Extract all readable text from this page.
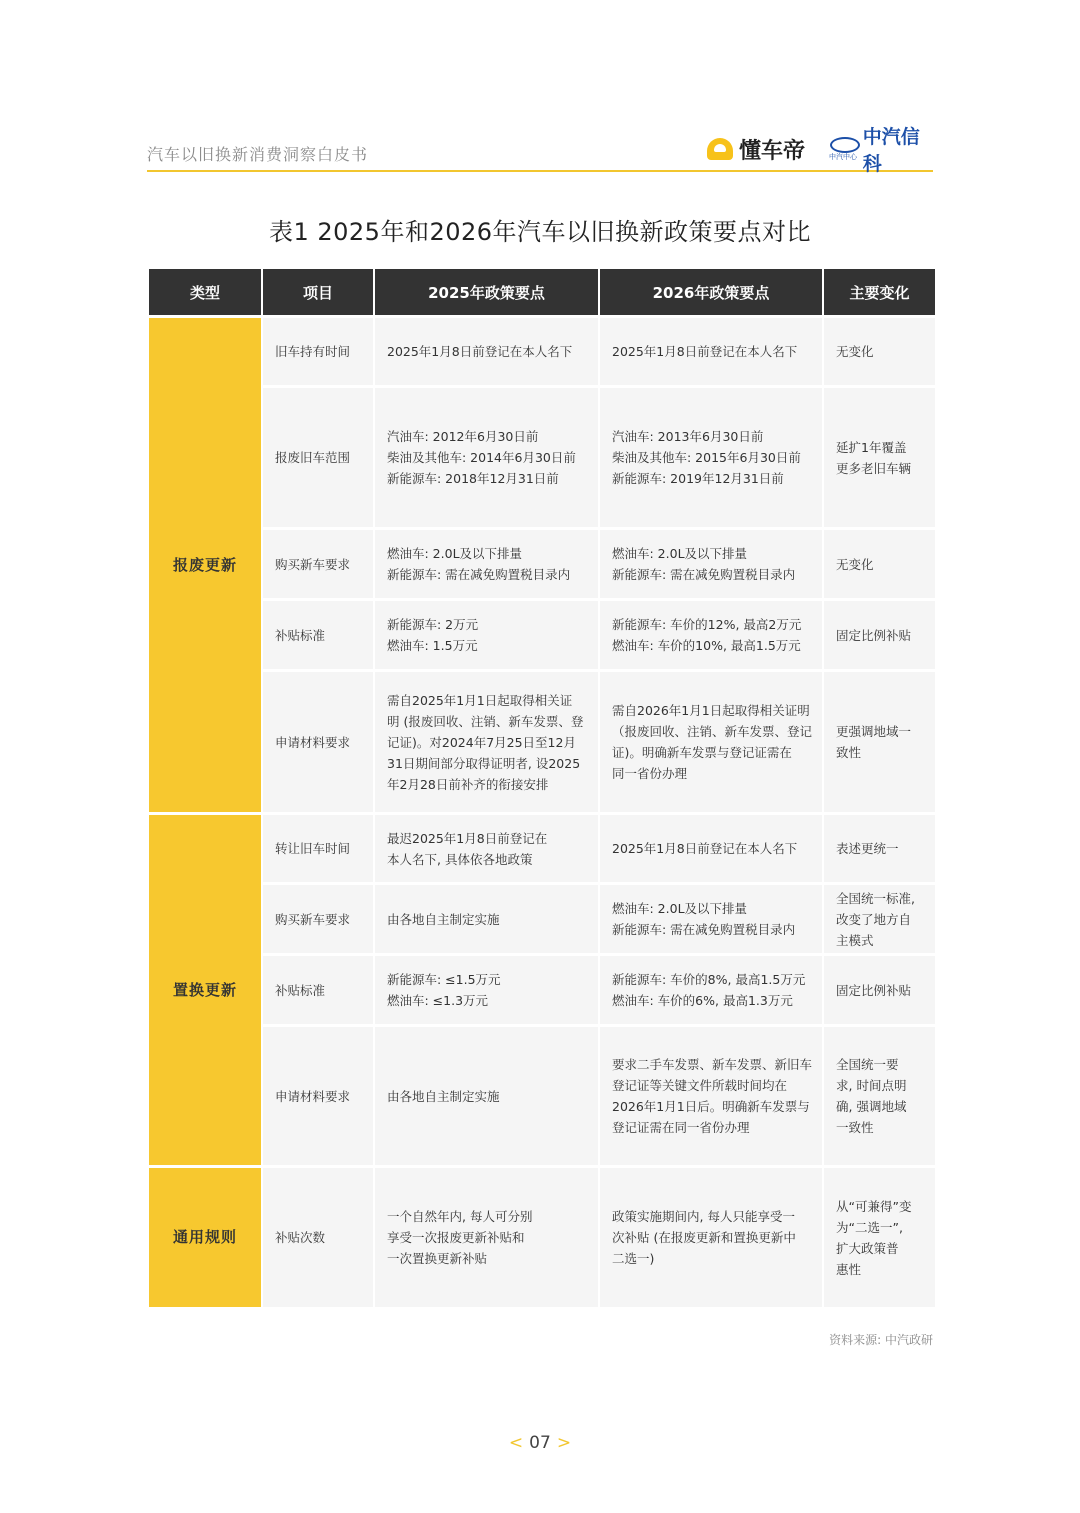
汽车以旧换新消费洞察白皮书	懂车帝	中汽中心
中汽信科
表1 2025年和2026年汽车以旧换新政策要点对比
类型	项目	2025年政策要点	2026年政策要点	主要变化
报废更新	旧车持有时间	2025年1月8日前登记在本人名下	2025年1月8日前登记在本人名下	无变化

	报废旧车范围	汽油车: 2012年6月30日前
柴油及其他车: 2014年6月30日前
新能源车: 2018年12月31日前	汽油车: 2013年6月30日前
柴油及其他车: 2015年6月30日前
新能源车: 2019年12月31日前	延扩1年覆盖
更多老旧车辆

	购买新车要求	燃油车: 2.0L及以下排量
新能源车: 需在减免购置税目录内	燃油车: 2.0L及以下排量
新能源车: 需在减免购置税目录内	无变化

	补贴标准	新能源车: 2万元
燃油车: 1.5万元	新能源车: 车价的12%, 最高2万元
燃油车: 车价的10%, 最高1.5万元	固定比例补贴

	申请材料要求	需自2025年1月1日起取得相关证
明 (报废回收、注销、新车发票、登
记证)。对2024年7月25日至12月
31日期间部分取得证明者, 设2025
年2月28日前补齐的衔接安排	需自2026年1月1日起取得相关证明
（报废回收、注销、新车发票、登记
证)。明确新车发票与登记证需在
同一省份办理	更强调地域一
致性

置换更新	转让旧车时间	最迟2025年1月8日前登记在
本人名下, 具体依各地政策	2025年1月8日前登记在本人名下	表述更统一

	购买新车要求	由各地自主制定实施	燃油车: 2.0L及以下排量
新能源车: 需在减免购置税目录内	全国统一标准,
改变了地方自
主模式

	补贴标准	新能源车: ≤1.5万元
燃油车: ≤1.3万元	新能源车: 车价的8%, 最高1.5万元
燃油车: 车价的6%, 最高1.3万元	固定比例补贴

	申请材料要求	由各地自主制定实施	要求二手车发票、新车发票、新旧车
登记证等关键文件所载时间均在
2026年1月1日后。明确新车发票与
登记证需在同一省份办理	全国统一要
求, 时间点明
确, 强调地域
一致性

通用规则	补贴次数	一个自然年内, 每人可分别
享受一次报废更新补贴和
一次置换更新补贴	政策实施期间内, 每人只能享受一
次补贴 (在报废更新和置换更新中
二选一)	从“可兼得”变
为“二选一”,
扩大政策普
惠性
资料来源: 中汽政研
< 07 >
